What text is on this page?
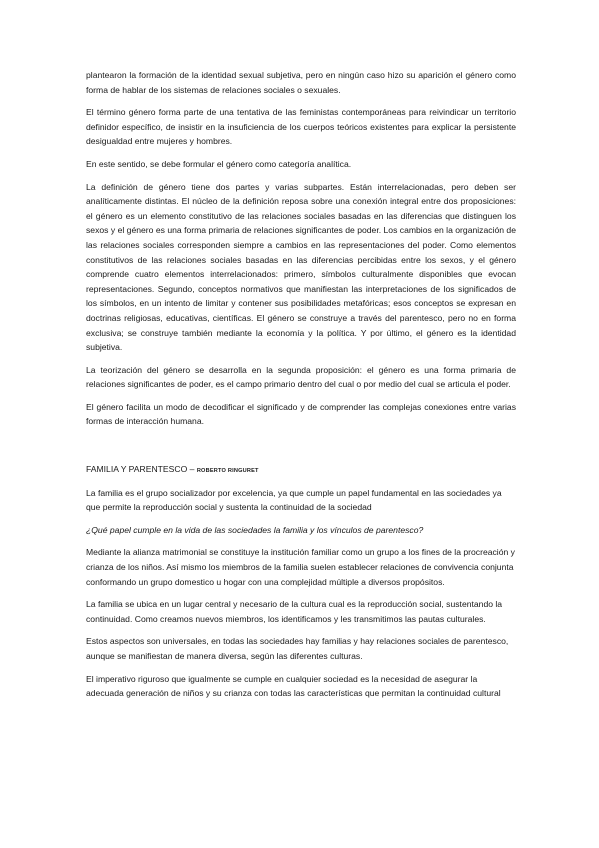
plantearon la formación de la identidad sexual subjetiva, pero en ningún caso hizo su aparición el género como forma de hablar de los sistemas de relaciones sociales o sexuales.

El término género forma parte de una tentativa de las feministas contemporáneas para reivindicar un territorio definidor específico, de insistir en la insuficiencia de los cuerpos teóricos existentes para explicar la persistente desigualdad entre mujeres y hombres.

En este sentido, se debe formular el género como categoría analítica.

La definición de género tiene dos partes y varias subpartes. Están interrelacionadas, pero deben ser analíticamente distintas. El núcleo de la definición reposa sobre una conexión integral entre dos proposiciones: el género es un elemento constitutivo de las relaciones sociales basadas en las diferencias que distinguen los sexos y el género es una forma primaria de relaciones significantes de poder. Los cambios en la organización de las relaciones sociales corresponden siempre a cambios en las representaciones del poder. Como elementos constitutivos de las relaciones sociales basadas en las diferencias percibidas entre los sexos, y el género comprende cuatro elementos interrelacionados: primero, símbolos culturalmente disponibles que evocan representaciones. Segundo, conceptos normativos que manifiestan las interpretaciones de los significados de los símbolos, en un intento de limitar y contener sus posibilidades metafóricas; esos conceptos se expresan en doctrinas religiosas, educativas, científicas. El género se construye a través del parentesco, pero no en forma exclusiva; se construye también mediante la economía y la política. Y por último, el género es la identidad subjetiva.

La teorización del género se desarrolla en la segunda proposición: el género es una forma primaria de relaciones significantes de poder, es el campo primario dentro del cual o por medio del cual se articula el poder.

El género facilita un modo de decodificar el significado y de comprender las complejas conexiones entre varias formas de interacción humana.

FAMILIA Y PARENTESCO – ROBERTO RINGURET

La familia es el grupo socializador por excelencia, ya que cumple un papel fundamental en las sociedades ya que permite la reproducción social y sustenta la continuidad de la sociedad

¿Qué papel cumple en la vida de las sociedades la familia y los vínculos de parentesco?

Mediante la alianza matrimonial se constituye la institución familiar como un grupo a los fines de la procreación y crianza de los niños. Así mismo los miembros de la familia suelen establecer relaciones de convivencia conjunta conformando un grupo domestico u hogar con una complejidad múltiple a diversos propósitos.

La familia se ubica en un lugar central y necesario de la cultura cual es la reproducción social, sustentando la continuidad. Como creamos nuevos miembros, los identificamos y les transmitimos las pautas culturales.

Estos aspectos son universales, en todas las sociedades hay familias y hay relaciones sociales de parentesco, aunque se manifiestan de manera diversa, según las diferentes culturas.

El imperativo riguroso que igualmente se cumple en cualquier sociedad es la necesidad de asegurar la adecuada generación de niños y su crianza con todas las características que permitan la continuidad cultural
